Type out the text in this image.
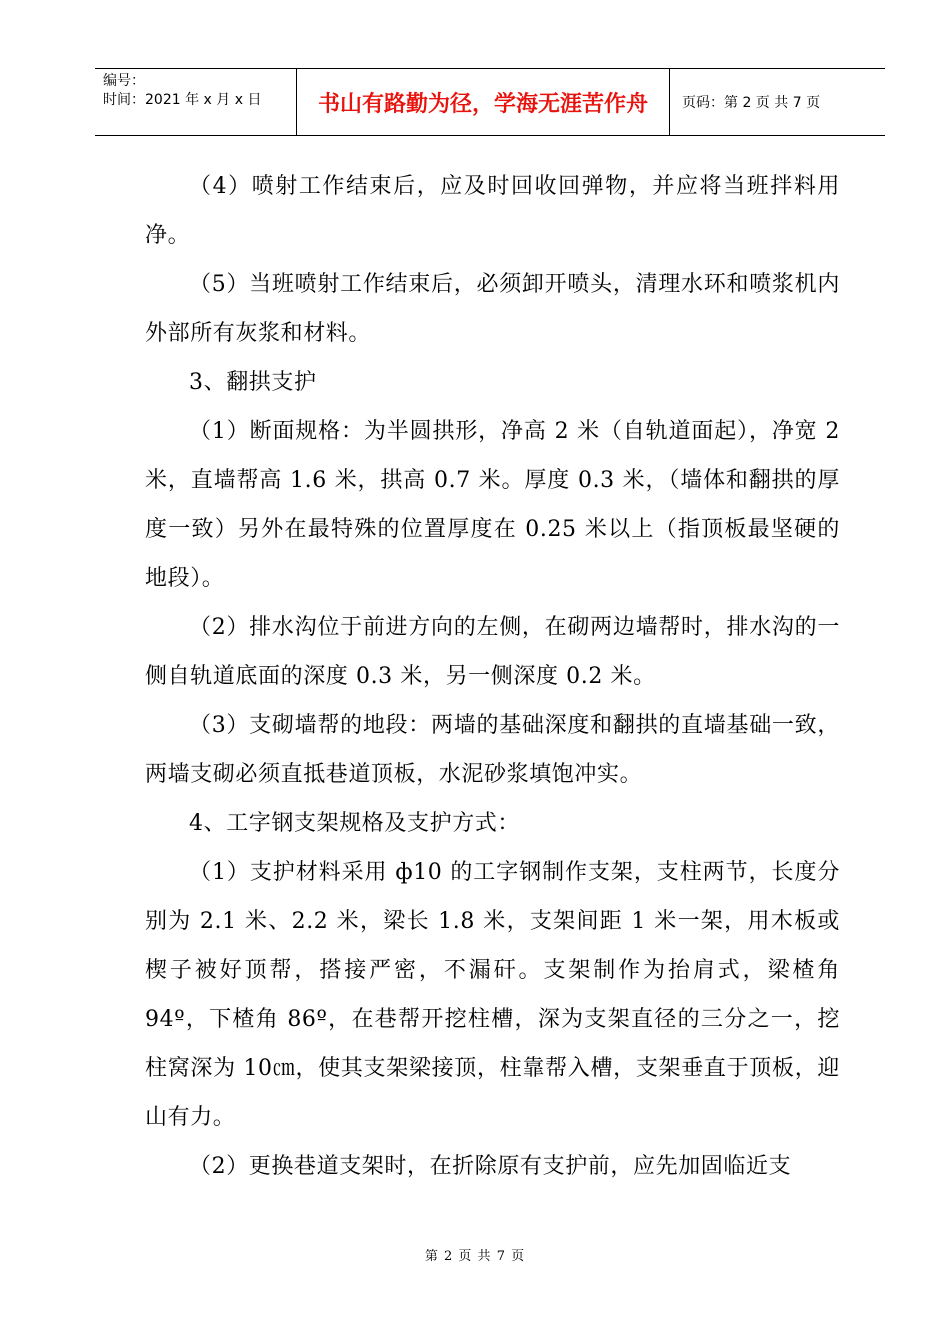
编号：
时间：2021 年 x 月 x 日	书山有路勤为径，学海无涯苦作舟 页码：第 2 页 共 7 页

（4）喷射工作结束后，应及时回收回弹物，并应将当班拌料用净。

（5）当班喷射工作结束后，必须卸开喷头，清理水环和喷浆机内外部所有灰浆和材料。

3、翻拱支护

（1）断面规格：为半圆拱形，净高 2 米（自轨道面起），净宽 2 米，直墙帮高 1.6 米，拱高 0.7 米。厚度 0.3 米，（墙体和翻拱的厚度一致）另外在最特殊的位置厚度在 0.25 米以上（指顶板最坚硬的地段）。

（2）排水沟位于前进方向的左侧，在砌两边墙帮时，排水沟的一侧自轨道底面的深度 0.3 米，另一侧深度 0.2 米。

（3）支砌墙帮的地段：两墙的基础深度和翻拱的直墙基础一致，两墙支砌必须直抵巷道顶板，水泥砂浆填饱冲实。

4、工字钢支架规格及支护方式：

（1）支护材料采用 ф10 的工字钢制作支架，支柱两节，长度分别为 2.1 米、2.2 米，梁长 1.8 米，支架间距 1 米一架，用木板或楔子被好顶帮，搭接严密，不漏矸。支架制作为抬肩式，梁楂角 94º，下楂角 86º，在巷帮开挖柱槽，深为支架直径的三分之一，挖柱窝深为 10㎝，使其支架梁接顶，柱靠帮入槽，支架垂直于顶板，迎山有力。

（2）更换巷道支架时，在折除原有支护前，应先加固临近支

第 2 页 共 7 页
